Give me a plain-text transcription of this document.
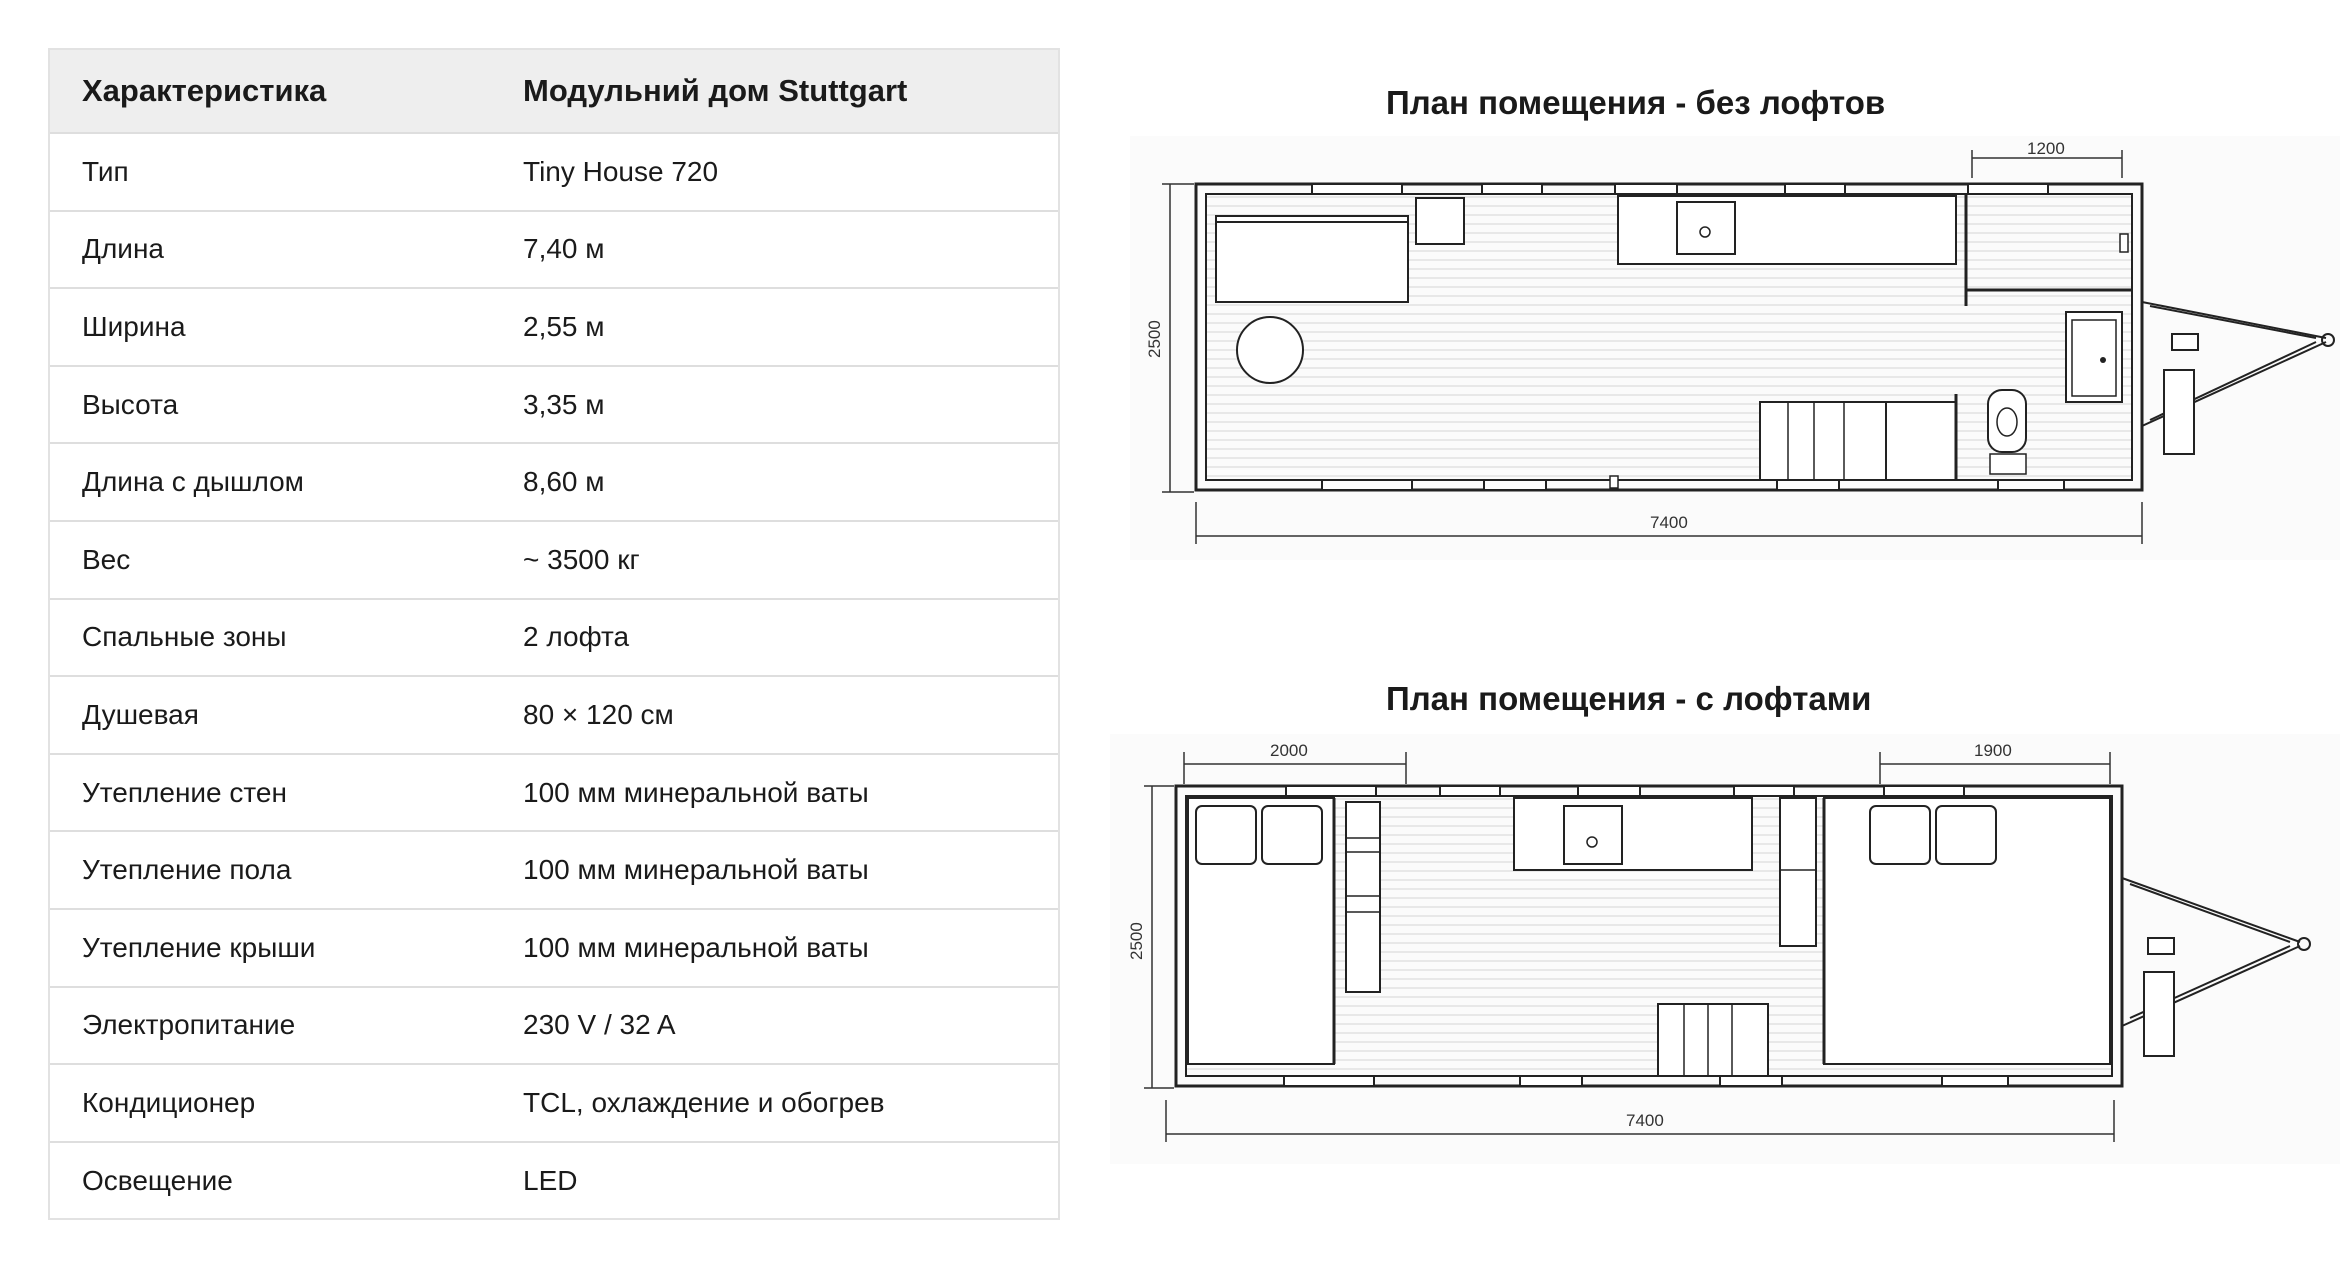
Характеристика	Модульний дом Stuttgart
Тип	Tiny House 720
Длина	7,40 м
Ширина	2,55 м
Высота	3,35 м
Длина с дышлом	8,60 м
Вес	~ 3500 кг
Спальные зоны	2 лофта
Душевая	80 × 120 см
Утепление стен	100 мм минеральной ваты
Утепление пола	100 мм минеральной ваты
Утепление крыши	100 мм минеральной ваты
Электропитание	230 V / 32 A
Кондиционер	TCL, охлаждение и обогрев
Освещение	LED
План помещения - без лофтов
1200
2500
7400
План помещения - с лофтами
2000	1900
2500
7400
